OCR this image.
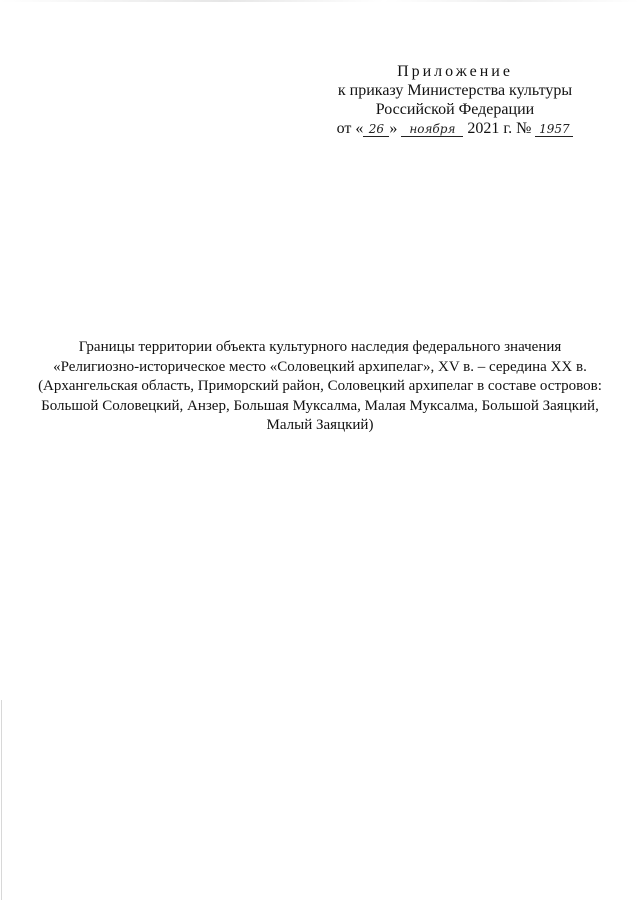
Приложение
к приказу Министерства культуры
Российской Федерации
от « 26 » ноября 2021 г. № 1957
Границы территории объекта культурного наследия федерального значения
«Религиозно-историческое место «Соловецкий архипелаг», XV в. – середина XX в.
(Архангельская область, Приморский район, Соловецкий архипелаг в составе островов:
Большой Соловецкий, Анзер, Большая Муксалма, Малая Муксалма, Большой Заяцкий,
Малый Заяцкий)
